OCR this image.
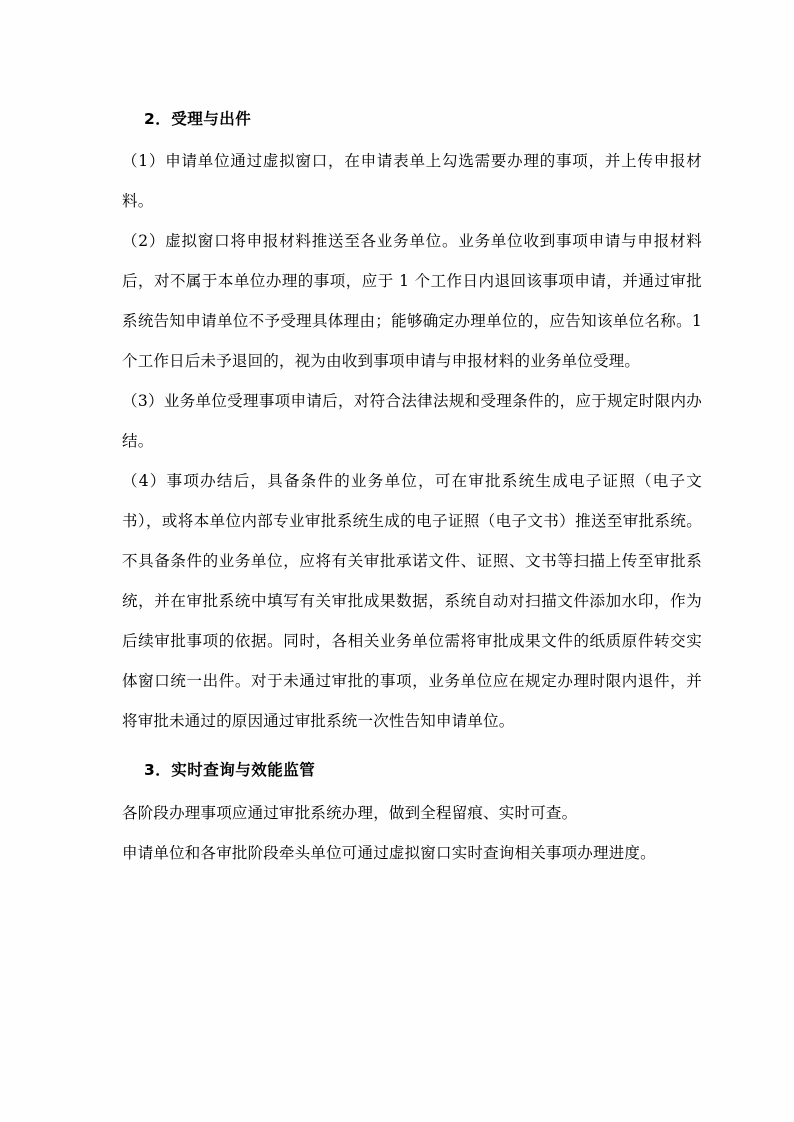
2．受理与出件

（1）申请单位通过虚拟窗口，在申请表单上勾选需要办理的事项，并上传申报材料。

（2）虚拟窗口将申报材料推送至各业务单位。业务单位收到事项申请与申报材料后，对不属于本单位办理的事项，应于 1 个工作日内退回该事项申请，并通过审批系统告知申请单位不予受理具体理由；能够确定办理单位的，应告知该单位名称。1 个工作日后未予退回的，视为由收到事项申请与申报材料的业务单位受理。

（3）业务单位受理事项申请后，对符合法律法规和受理条件的，应于规定时限内办结。

（4）事项办结后，具备条件的业务单位，可在审批系统生成电子证照（电子文书），或将本单位内部专业审批系统生成的电子证照（电子文书）推送至审批系统。不具备条件的业务单位，应将有关审批承诺文件、证照、文书等扫描上传至审批系统，并在审批系统中填写有关审批成果数据，系统自动对扫描文件添加水印，作为后续审批事项的依据。同时，各相关业务单位需将审批成果文件的纸质原件转交实体窗口统一出件。对于未通过审批的事项，业务单位应在规定办理时限内退件，并将审批未通过的原因通过审批系统一次性告知申请单位。

3．实时查询与效能监管

各阶段办理事项应通过审批系统办理，做到全程留痕、实时可查。

申请单位和各审批阶段牵头单位可通过虚拟窗口实时查询相关事项办理进度。
